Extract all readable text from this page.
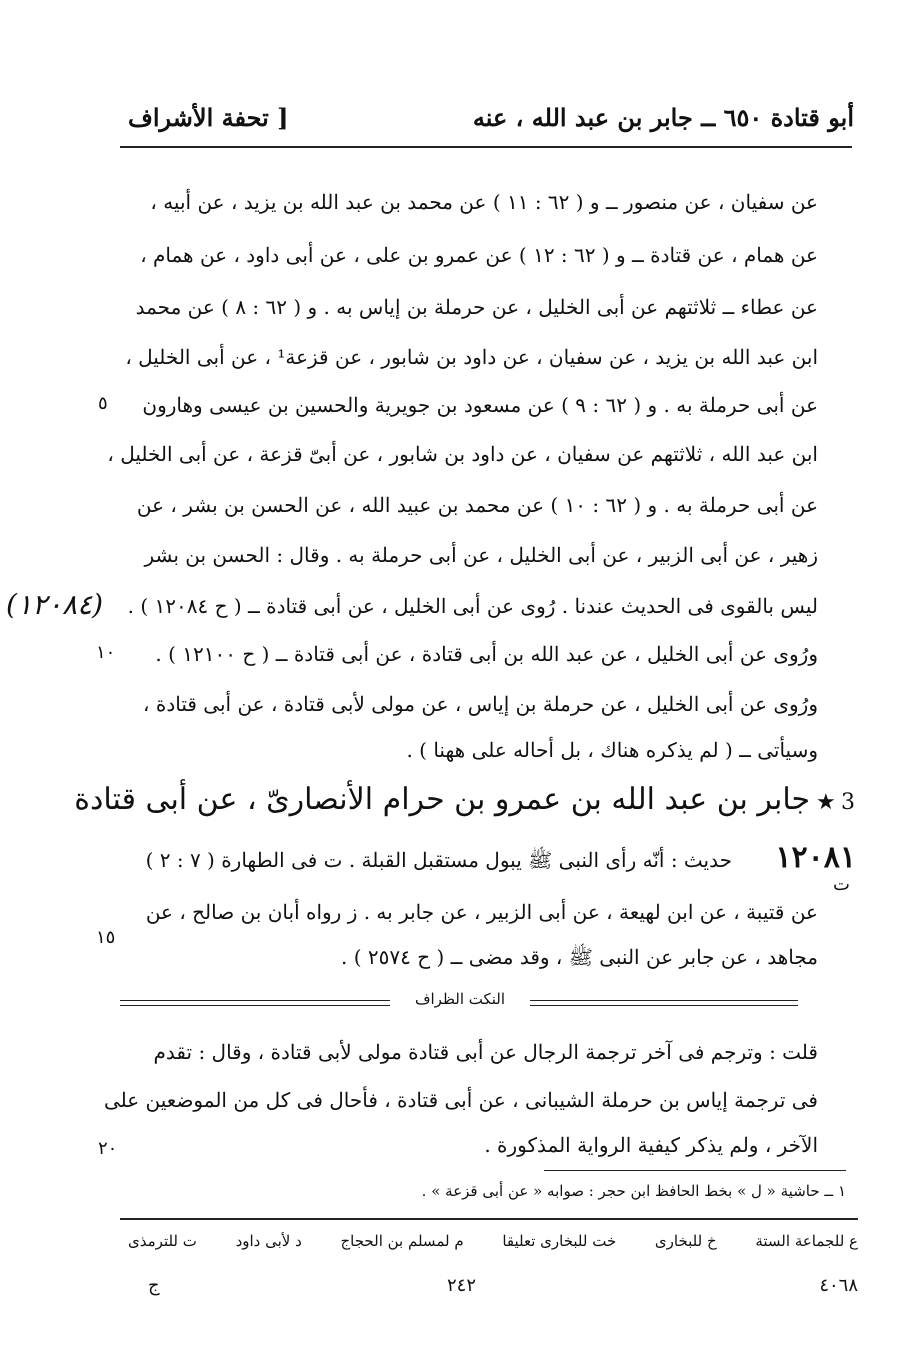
أبو قتادة ٦٥٠ ــ جابر بن عبد الله ، عنه
[ تحفة الأشراف
عن سفيان ، عن منصور ــ و ( ٦٢ : ١١ ) عن محمد بن عبد الله بن يزيد ، عن أبيه ،
عن همام ، عن قتادة ــ و ( ٦٢ : ١٢ ) عن عمرو بن على ، عن أبى داود ، عن همام ،
عن عطاء ــ ثلاثتهم عن أبى الخليل ، عن حرملة بن إياس به . و ( ٦٢ : ٨ ) عن محمد
ابن عبد الله بن يزيد ، عن سفيان ، عن داود بن شابور ، عن قزعة¹ ، عن أبى الخليل ،
عن أبى حرملة به . و ( ٦٢ : ٩ ) عن مسعود بن جويرية والحسين بن عيسى وهارون
ابن عبد الله ، ثلاثتهم عن سفيان ، عن داود بن شابور ، عن أبىّ قزعة ، عن أبى الخليل ،
عن أبى حرملة به . و ( ٦٢ : ١٠ ) عن محمد بن عبيد الله ، عن الحسن بن بشر ، عن
زهير ، عن أبى الزبير ، عن أبى الخليل ، عن أبى حرملة به . وقال : الحسن بن بشر
ليس بالقوى فى الحديث عندنا . رُوى عن أبى الخليل ، عن أبى قتادة ــ ( ح ١٢٠٨٤ ) .
ورُوى عن أبى الخليل ، عن عبد الله بن أبى قتادة ، عن أبى قتادة ــ ( ح ١٢١٠٠ ) .
ورُوى عن أبى الخليل ، عن حرملة بن إياس ، عن مولى لأبى قتادة ، عن أبى قتادة ،
وسيأتى ــ ( لم يذكره هناك ، بل أحاله على ههنا ) .
٥
١٠
١٥
٢٠
(١٢٠٨٤)
3
★
جابر بن عبد الله بن عمرو بن حرام الأنصارىّ ، عن أبى قتادة
١٢٠٨١
حديث : أنّه رأى النبى ﷺ يبول مستقبل القبلة . ت فى الطهارة ( ٧ : ٢ )
ت
عن قتيبة ، عن ابن لهيعة ، عن أبى الزبير ، عن جابر به . ز رواه أبان بن صالح ، عن
مجاهد ، عن جابر عن النبى ﷺ ، وقد مضى ــ ( ح ٢٥٧٤ ) .
النكت الظراف
قلت : وترجم فى آخر ترجمة الرجال عن أبى قتادة مولى لأبى قتادة ، وقال : تقدم
فى ترجمة إياس بن حرملة الشيبانى ، عن أبى قتادة ، فأحال فى كل من الموضعين على
الآخر ، ولم يذكر كيفية الرواية المذكورة .
١ ــ حاشية « ل » بخط الحافظ ابن حجر : صوابه « عن أبى قزعة » .
ع للجماعة الستة
خ للبخارى
خت للبخارى تعليقا
م لمسلم بن الحجاج
د لأبى داود
ت للترمذى
٢٤٢	٤٠٦٨
ج
